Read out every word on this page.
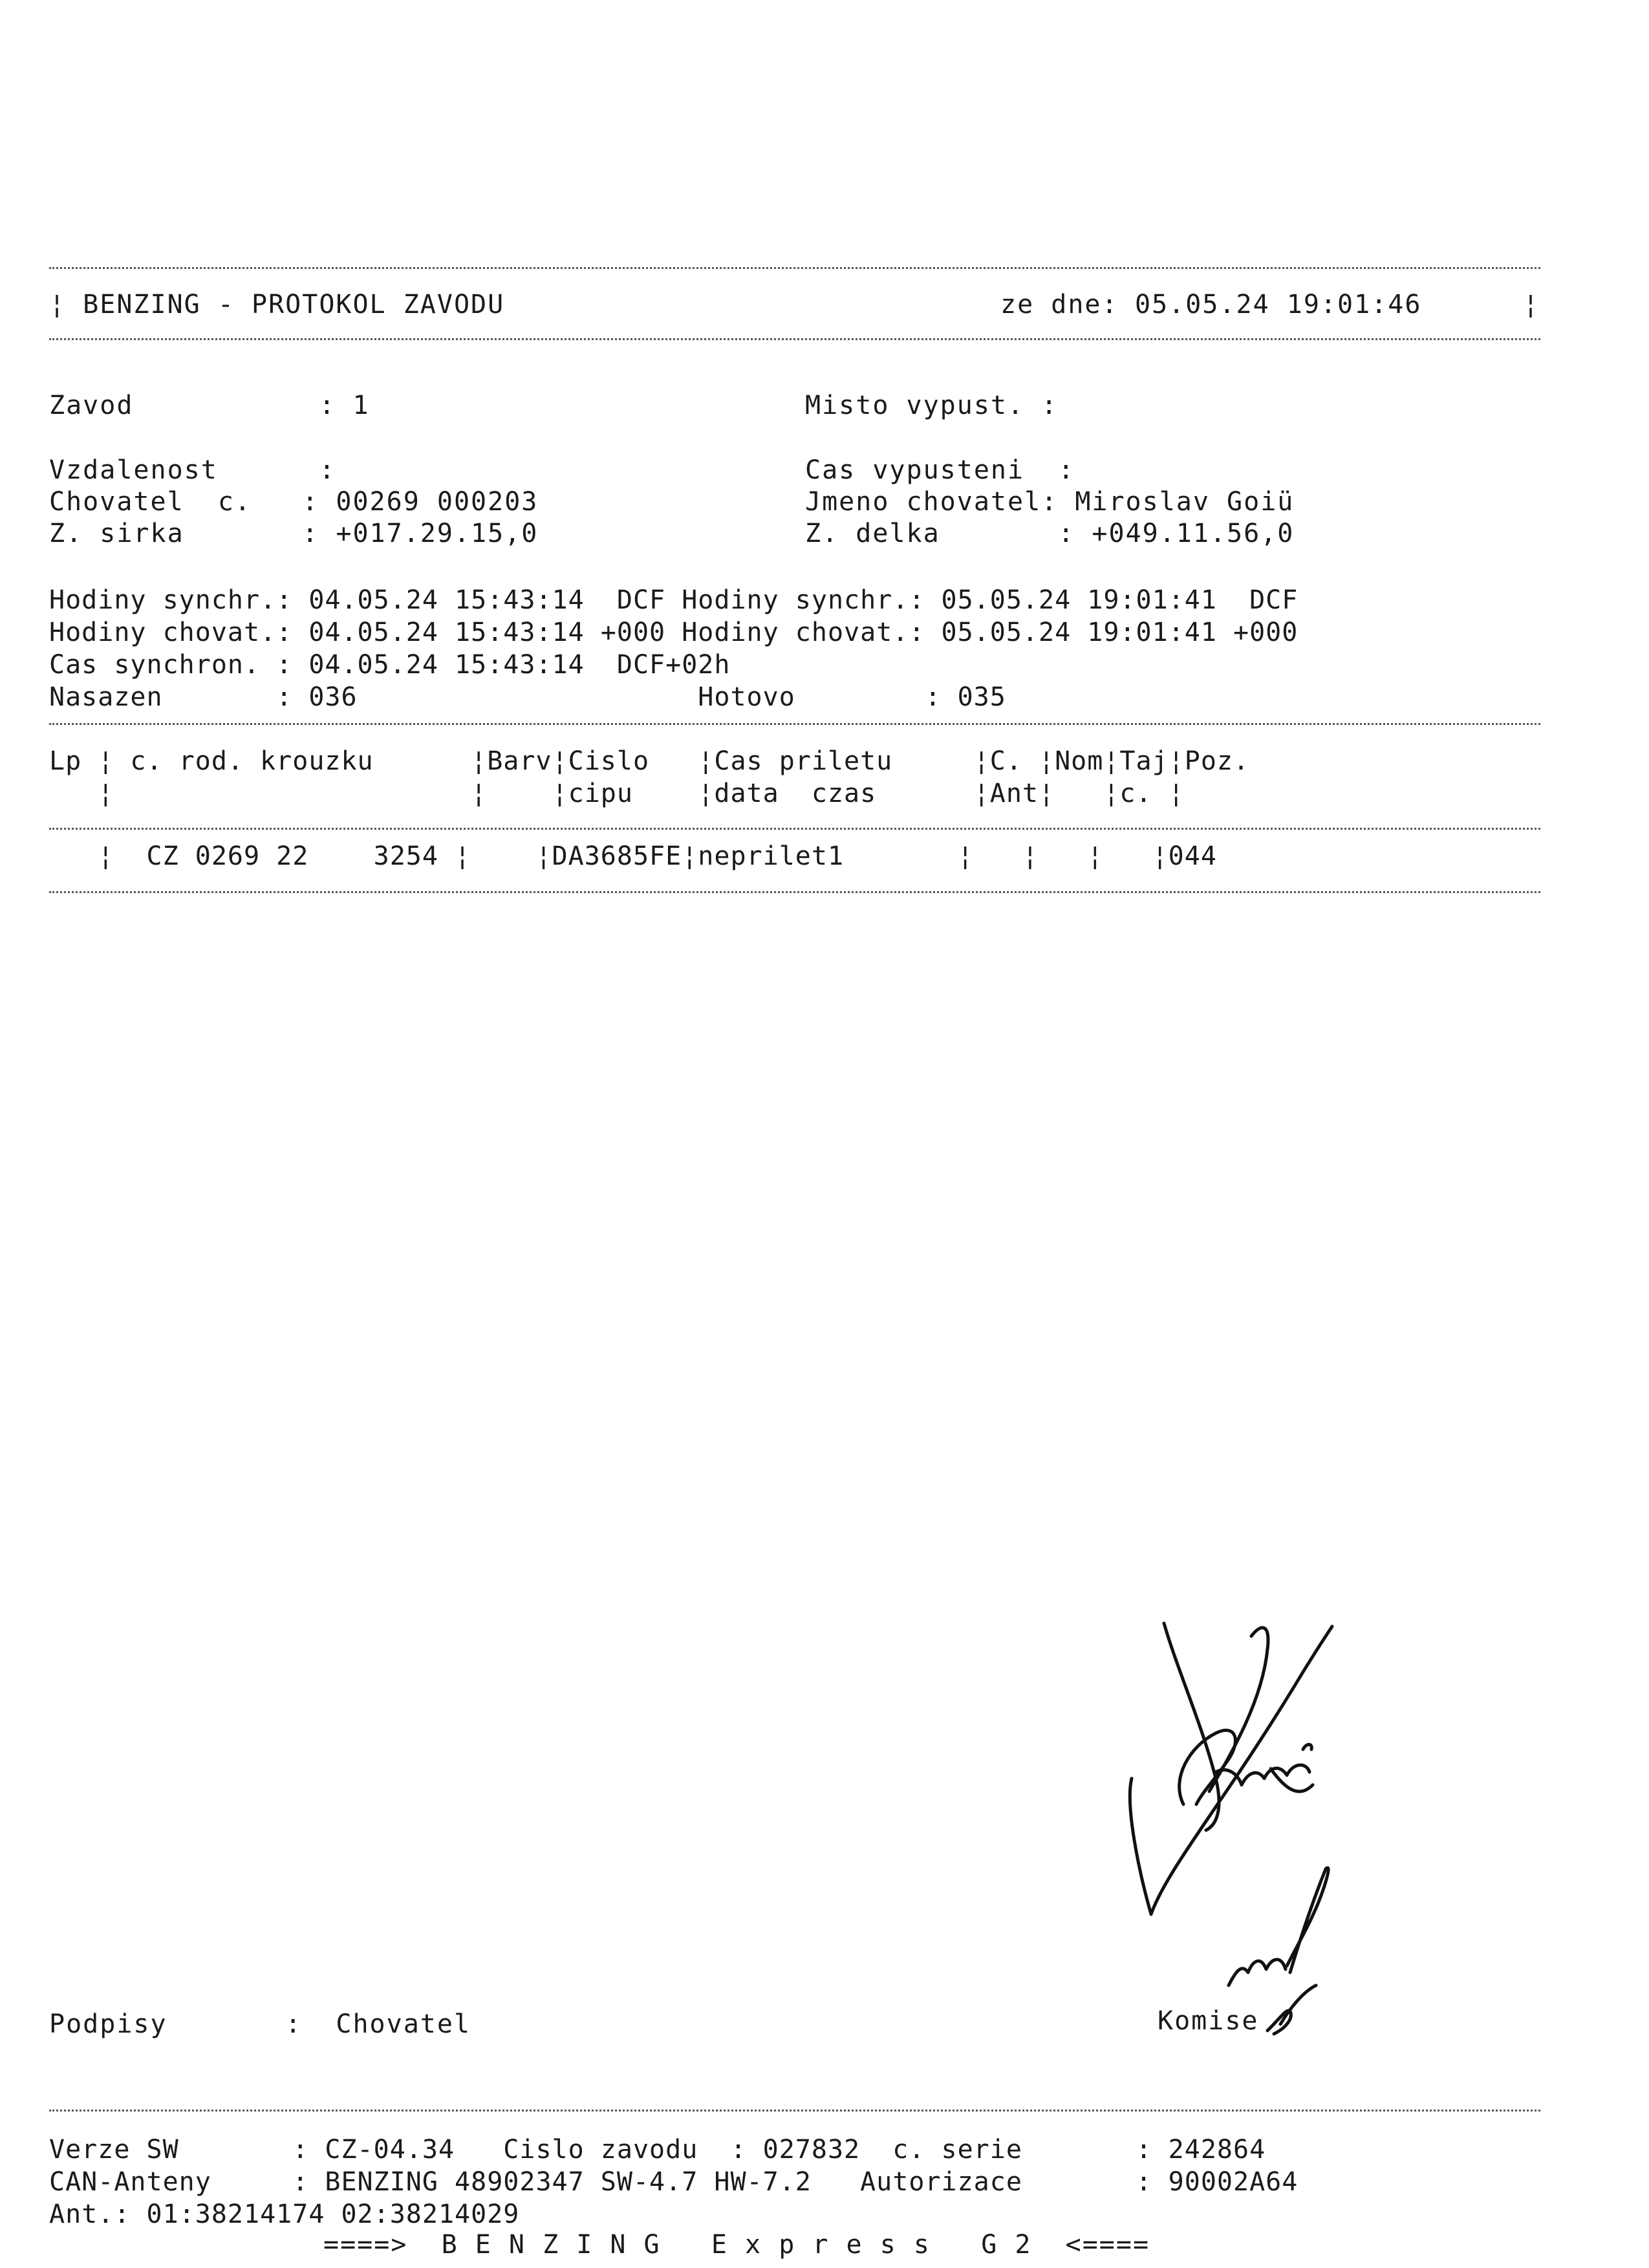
¦ BENZING - PROTOKOL ZAVODU	ze dne: 05.05.24 19:01:46	¦
Zavod           : 1	Misto vypust. :
Vzdalenost      :	Cas vypusteni  :
Chovatel  c.   : 00269 000203	Jmeno chovatel: Miroslav Goiü
Z. sirka       : +017.29.15,0	Z. delka       : +049.11.56,0
Hodiny synchr.: 04.05.24 15:43:14  DCF Hodiny synchr.: 05.05.24 19:01:41  DCF
Hodiny chovat.: 04.05.24 15:43:14 +000 Hodiny chovat.: 05.05.24 19:01:41 +000
Cas synchron. : 04.05.24 15:43:14  DCF+02h
Nasazen       : 036                     Hotovo        : 035
Lp ¦ c. rod. krouzku      ¦Barv¦Cislo   ¦Cas priletu     ¦C. ¦Nom¦Taj¦Poz.
¦                      ¦    ¦cipu    ¦data  czas      ¦Ant¦   ¦c. ¦
¦  CZ 0269 22    3254 ¦    ¦DA3685FE¦neprilet1       ¦   ¦   ¦   ¦044
Podpisy       :  Chovatel	Komise
Verze SW       : CZ-04.34   Cislo zavodu  : 027832  c. serie       : 242864
CAN-Anteny     : BENZING 48902347 SW-4.7 HW-7.2   Autorizace       : 90002A64
Ant.: 01:38214174 02:38214029
====>  B E N Z I N G   E x p r e s s   G 2  <====
